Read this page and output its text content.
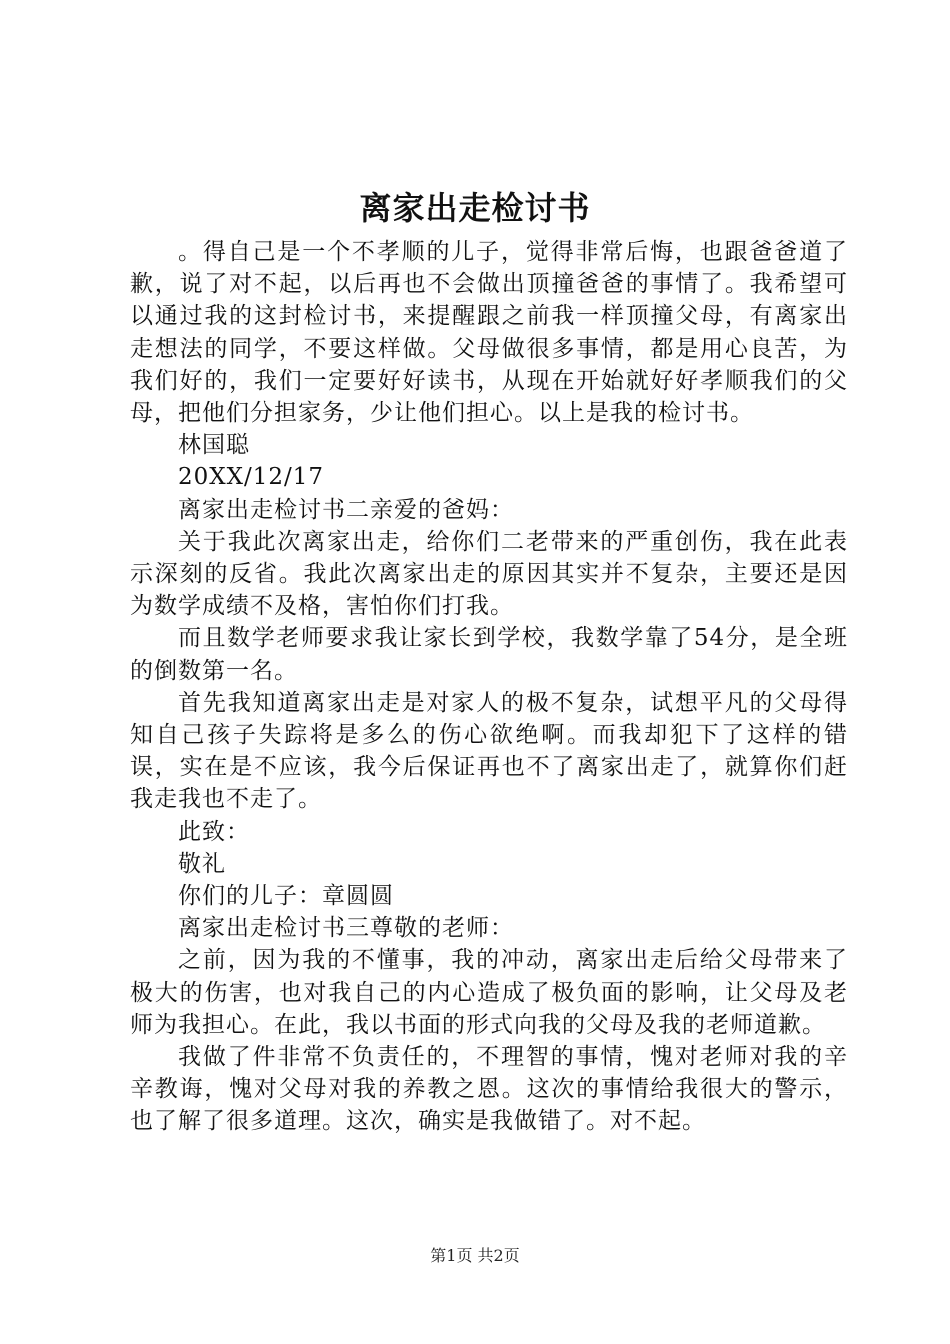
离家出走检讨书

。得自己是一个不孝顺的儿子，觉得非常后悔，也跟爸爸道了歉，说了对不起，以后再也不会做出顶撞爸爸的事情了。我希望可以通过我的这封检讨书，来提醒跟之前我一样顶撞父母，有离家出走想法的同学，不要这样做。父母做很多事情，都是用心良苦，为我们好的，我们一定要好好读书，从现在开始就好好孝顺我们的父母，把他们分担家务，少让他们担心。以上是我的检讨书。

林国聪

20XX/12/17

离家出走检讨书二亲爱的爸妈：

关于我此次离家出走，给你们二老带来的严重创伤，我在此表示深刻的反省。我此次离家出走的原因其实并不复杂，主要还是因为数学成绩不及格，害怕你们打我。

而且数学老师要求我让家长到学校，我数学靠了54分，是全班的倒数第一名。

首先我知道离家出走是对家人的极不复杂，试想平凡的父母得知自己孩子失踪将是多么的伤心欲绝啊。而我却犯下了这样的错误，实在是不应该，我今后保证再也不了离家出走了，就算你们赶我走我也不走了。

此致：

敬礼

你们的儿子：章圆圆

离家出走检讨书三尊敬的老师：

之前，因为我的不懂事，我的冲动，离家出走后给父母带来了极大的伤害，也对我自己的内心造成了极负面的影响，让父母及老师为我担心。在此，我以书面的形式向我的父母及我的老师道歉。

我做了件非常不负责任的，不理智的事情，愧对老师对我的辛辛教诲，愧对父母对我的养教之恩。这次的事情给我很大的警示，也了解了很多道理。这次，确实是我做错了。对不起。

第1页 共2页
